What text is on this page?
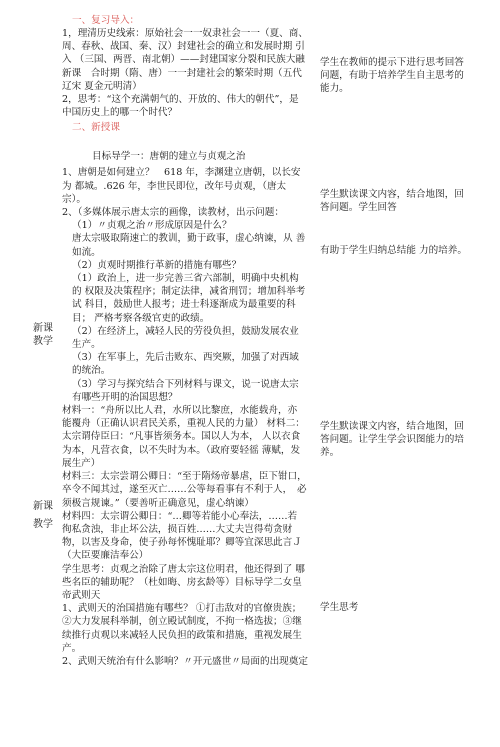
一、复习导入：

1，理清历史线索：原始社会一一奴隶社会一一（夏、商、周、春秋、战国、秦、汉）封建社会的确立和发展时期 引入 （三国、两晋、南北朝）——封建国家分裂和民族大融　新课　合时期（隋、唐）一一封建社会的繁荣时期（五代辽宋 夏金元明清）

2，思考：“这个充满朝气的、开放的、伟大的朝代”，是 中国历史上的哪一个时代？

二、新授课

目标导学一：唐朝的建立与贞观之治

1、唐朝是如何建立？　618 年，李渊建立唐朝，以长安为 都城。.626 年，李世民即位，改年号贞观，（唐太宗）。

2、（多媒体展示唐太宗的画像，读教材，出示问题：

（1）〃贞观之治〃形成原因是什么？

唐太宗吸取隋速亡的教训，勤于政事，虚心纳谏，从 善如流。

（2）贞观时期推行革新的措施有哪些？

（1）政治上，进一步完善三省六部制，明确中央机构的 权限及决策程序；制定法律，减省刑罚；增加科举考试 科目，鼓励世人报考；进士科逐渐成为最重要的科目； 严格考察各级官吏的政绩。

（2）在经济上，减轻人民的劳役负担，鼓励发展农业生产。

（3）在军事上，先后击败东、西突厥，加强了对西域 的统治。

（3）学习与探究结合下列材料与课文，说一说唐太宗 有哪些开明的治国思想？

材料一：“舟所以比人君，水所以比黎庶，水能载舟，亦 能覆舟（正确认识君民关系，重视人民的力量） 材料二：太宗谓侍臣曰：“凡事皆须务本。国以人为本， 人以衣食为本，凡营衣食，以不失时为本。（政府要轻徭 薄赋，发展生产）

材料三：太宗尝谓公卿日：“至于隋炀帝暴虐，臣下钳口，卒令不闻其过，遂至灭亡……公等每看事有不利于人，　必须极言规谏。”（要善听正确意见，虚心纳谏）

材料四：太宗谓公卿日：“…卿等若能小心奉法，……若 徇私贪浊，非止坏公法，损百姓……大丈夫岂得苟贪财 物，以害及身命，使子孙每怀愧耻耶？卿等宜深思此言Ｊ （大臣要廉洁奉公）

学生思考：贞观之治除了唐太宗这位明君，他还得到了 哪些名臣的辅助呢？（杜如晦、房玄龄等）目标导学二女皇帝武则天

1、武则天的治国措施有哪些？ ①打击敌对的官僚贵族；②大力发展科举制，创立殿试制度，不拘一格选拔；③继续推行贞观以来减轻人民负担的政策和措施，重视发展生产。

2、武则天统治有什么影响？〃开元盛世〃局面的出现奠定

新课教学
新课教学

学生在教师的提示下进行思考回答问题，有助于培养学生自主思考的能力。

学生默读课文内容，结合地图，回答问题。学生回答

有助于学生归纳总结能 力的培养。

学生默读课文内容，结合地图，回答问题。让学生学会识图能力的培养。

学生思考
